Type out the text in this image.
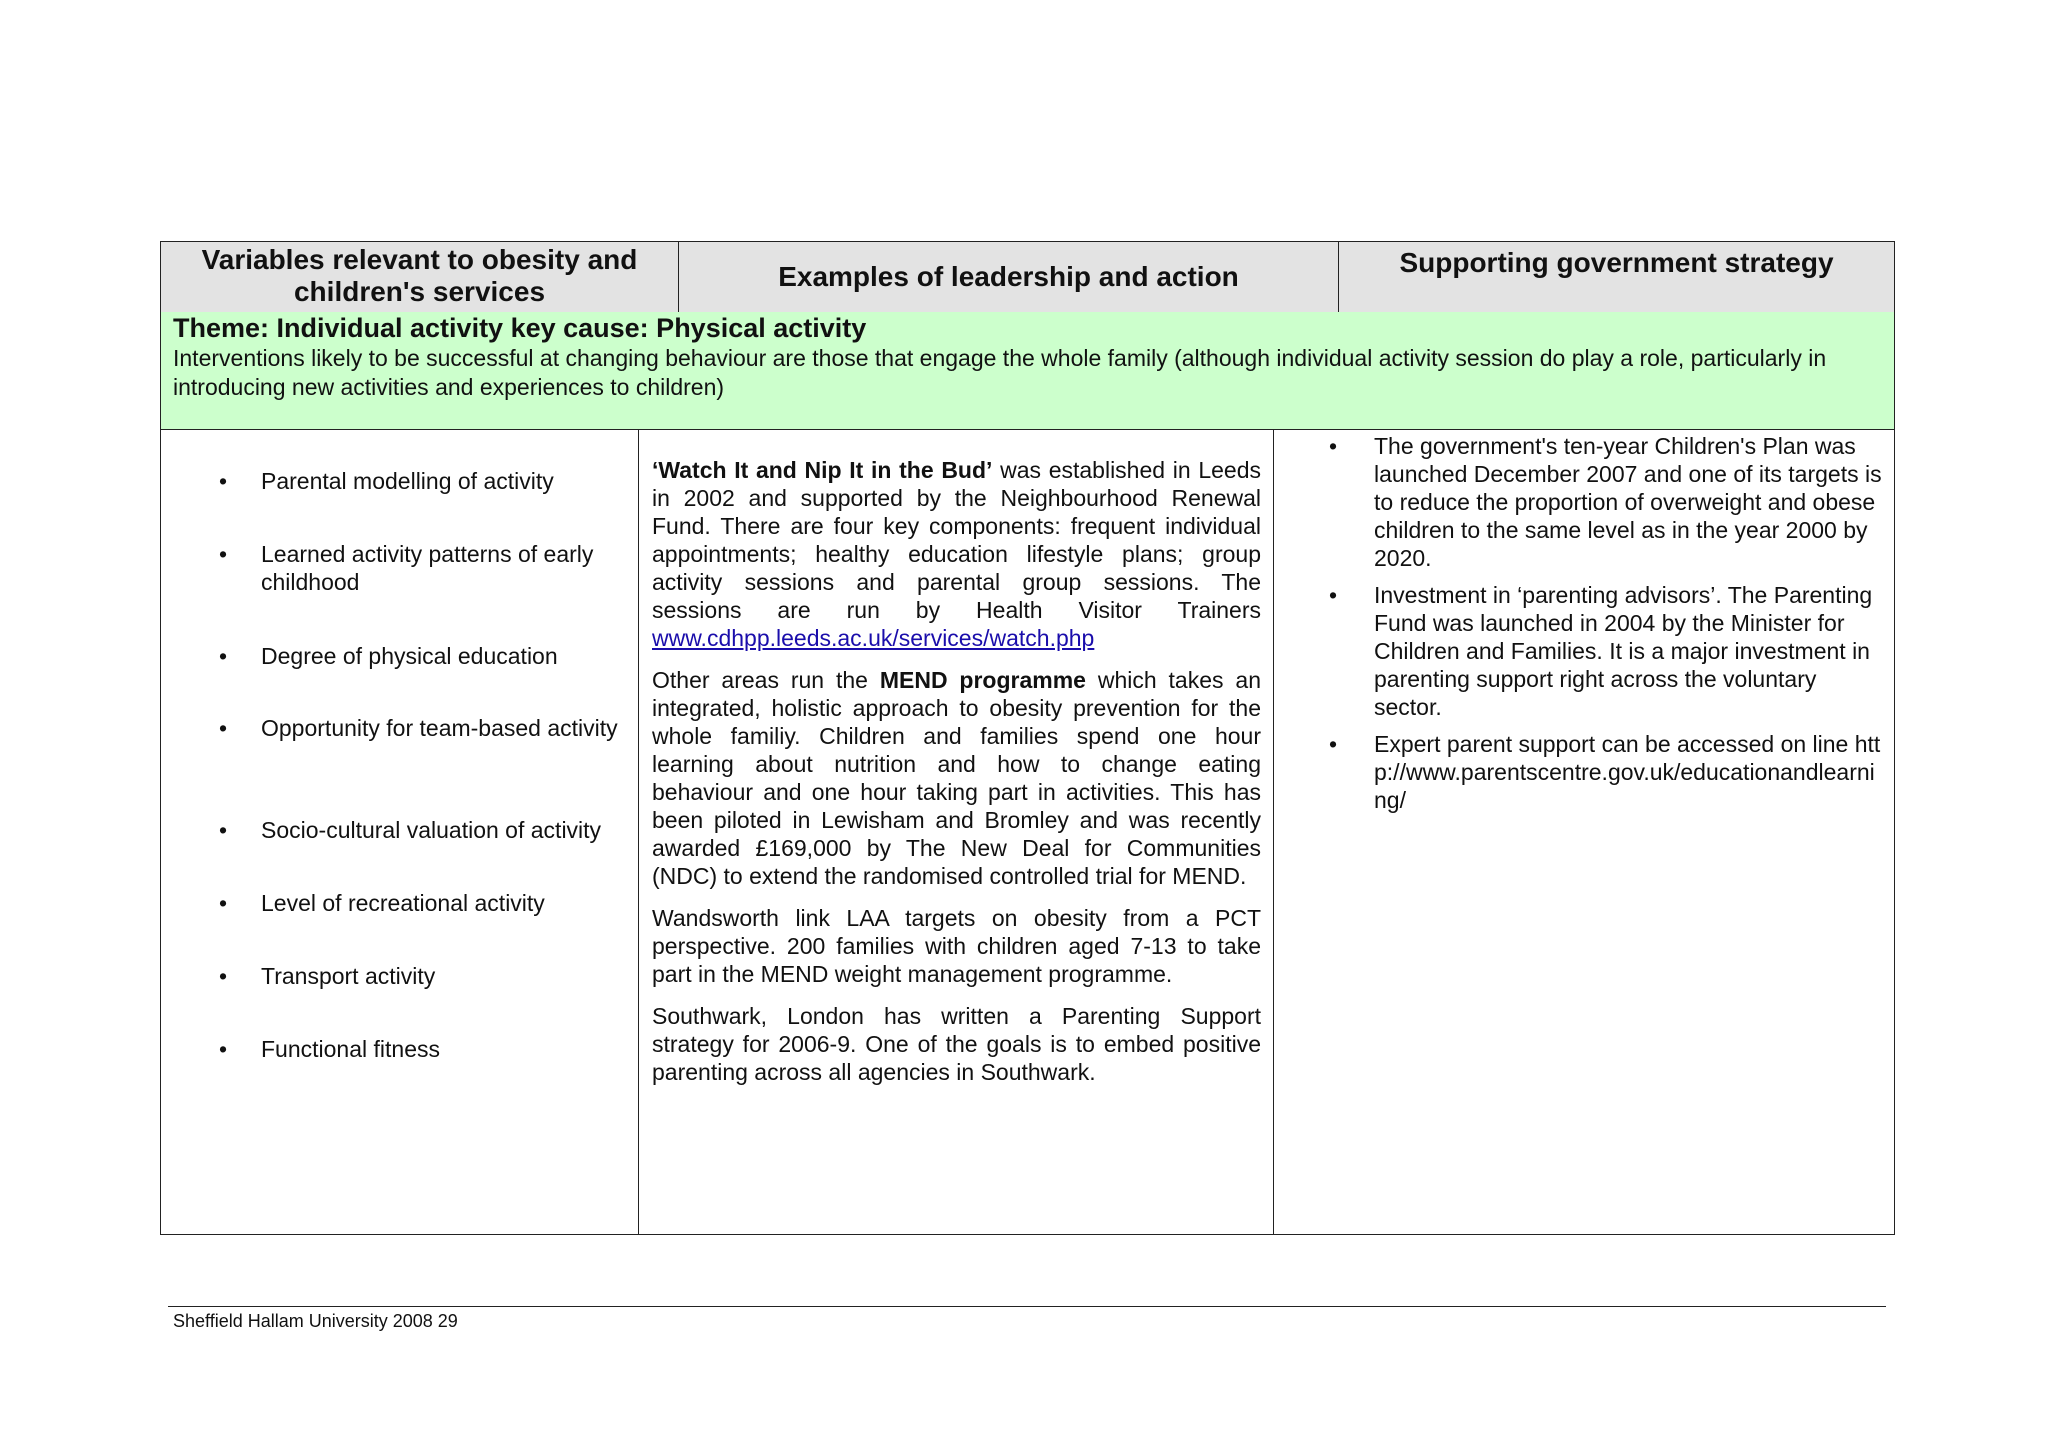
Variables relevant to obesity and children's services	Examples of leadership and action	Supporting government strategy
Theme: Individual activity key cause: Physical activity
Interventions likely to be successful at changing behaviour are those that engage the whole family (although individual activity session do play a role, particularly in introducing new activities and experiences to children)
• Parental modelling of activity
• Learned activity patterns of early childhood
• Degree of physical education
• Opportunity for team-based activity
• Socio-cultural valuation of activity
• Level of recreational activity
• Transport activity
• Functional fitness

‘Watch It and Nip It in the Bud’ was established in Leeds in 2002 and supported by the Neighbourhood Renewal Fund. There are four key components: frequent individual appointments; healthy education lifestyle plans; group activity sessions and parental group sessions. The sessions are run by Health Visitor Trainers www.cdhpp.leeds.ac.uk/services/watch.php

Other areas run the MEND programme which takes an integrated, holistic approach to obesity prevention for the whole familiy. Children and families spend one hour learning about nutrition and how to change eating behaviour and one hour taking part in activities. This has been piloted in Lewisham and Bromley and was recently awarded £169,000 by The New Deal for Communities (NDC) to extend the randomised controlled trial for MEND.

Wandsworth link LAA targets on obesity from a PCT perspective. 200 families with children aged 7-13 to take part in the MEND weight management programme.

Southwark, London has written a Parenting Support strategy for 2006-9. One of the goals is to embed positive parenting across all agencies in Southwark.

• The government's ten-year Children's Plan was launched December 2007 and one of its targets is to reduce the proportion of overweight and obese children to the same level as in the year 2000 by 2020.
• Investment in ‘parenting advisors’. The Parenting Fund was launched in 2004 by the Minister for Children and Families. It is a major investment in parenting support right across the voluntary sector.
• Expert parent support can be accessed on line http://www.parentscentre.gov.uk/educationandlearning/
Sheffield Hallam University 2008 29
